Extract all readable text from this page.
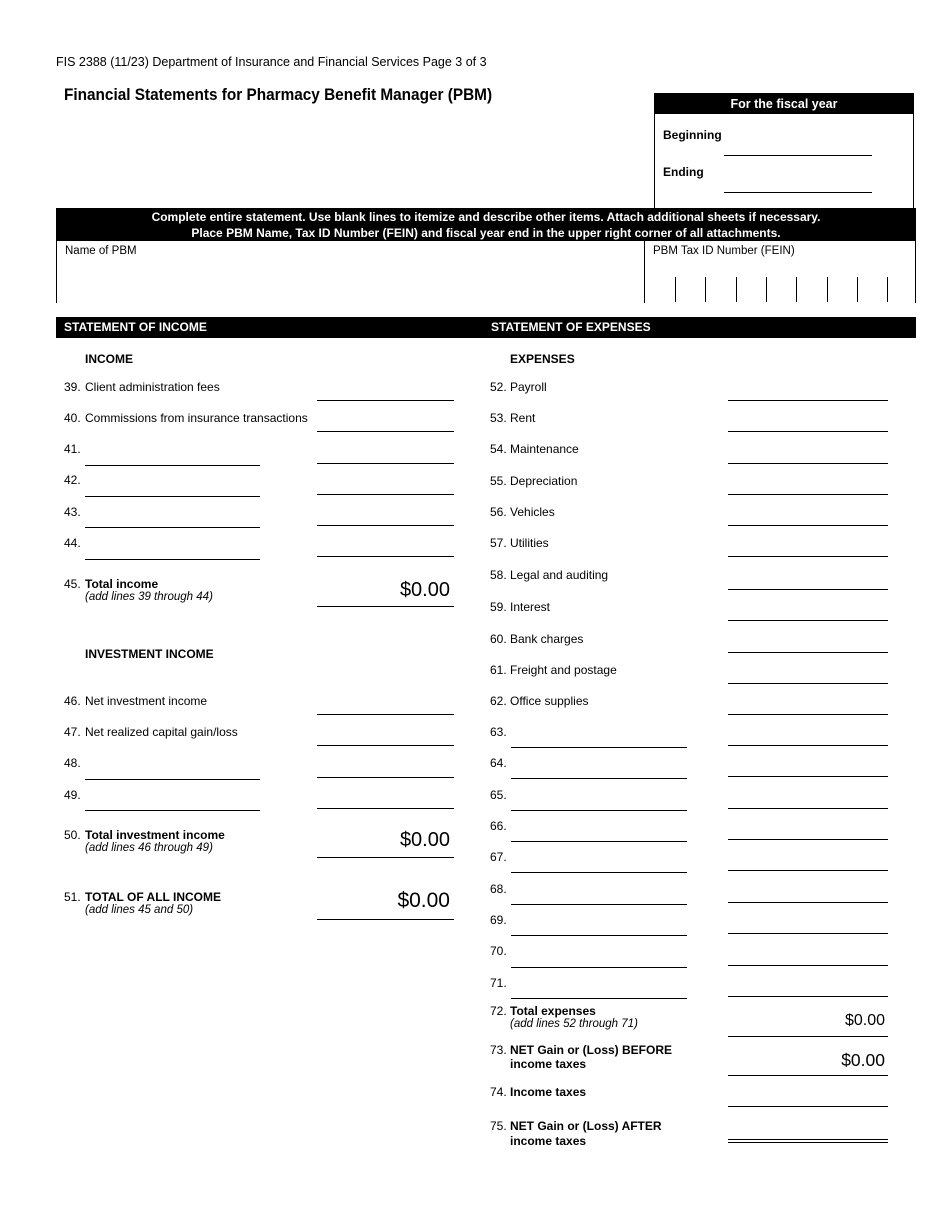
FIS 2388 (11/23) Department of Insurance and Financial Services Page 3 of 3
Financial Statements for Pharmacy Benefit Manager (PBM)	For the fiscal year
Beginning
Ending
Complete entire statement. Use blank lines to itemize and describe other items. Attach additional sheets if necessary.
Place PBM Name, Tax ID Number (FEIN) and fiscal year end in the upper right corner of all attachments.
Name of PBM	PBM Tax ID Number (FEIN)
STATEMENT OF INCOME	STATEMENT OF EXPENSES
INCOME
39. Client administration fees
40. Commissions from insurance transactions
41.
42.
43.
44.
45. Total income
(add lines 39 through 44)	$0.00
INVESTMENT INCOME
46. Net investment income
47. Net realized capital gain/loss
48.
49.
50. Total investment income
(add lines 46 through 49)	$0.00
51. TOTAL OF ALL INCOME
(add lines 45 and 50)	$0.00
EXPENSES
52. Payroll
53. Rent
54. Maintenance
55. Depreciation
56. Vehicles
57. Utilities
58. Legal and auditing
59. Interest
60. Bank charges
61. Freight and postage
62. Office supplies
63.
64.
65.
66.
67.
68.
69.
70.
71.
72. Total expenses
(add lines 52 through 71)	$0.00
73. NET Gain or (Loss) BEFORE
income taxes	$0.00
74. Income taxes
75. NET Gain or (Loss) AFTER
income taxes
